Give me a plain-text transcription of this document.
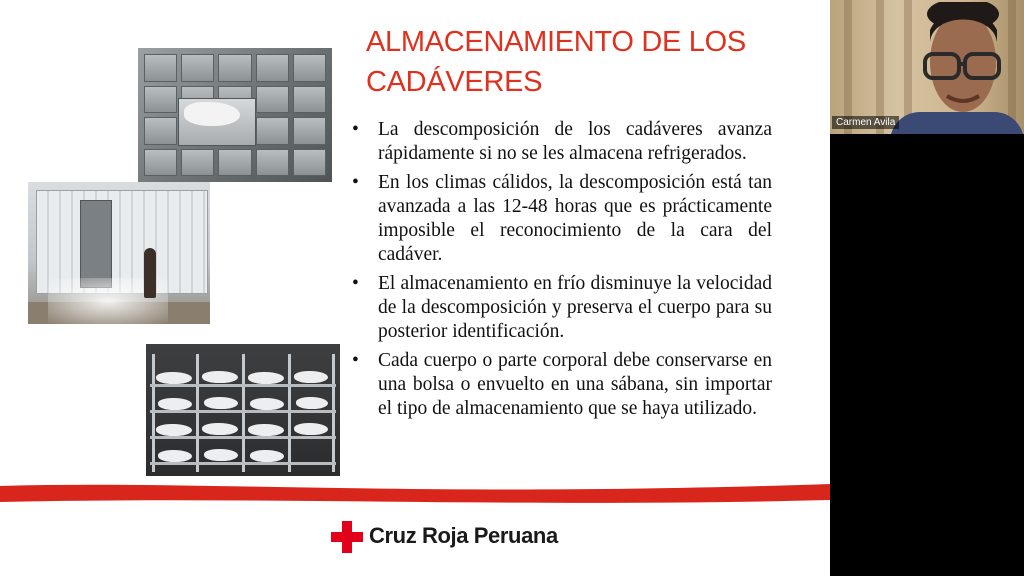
ALMACENAMIENTO DE LOS CADÁVERES
• La descomposición de los cadáveres avanza rápidamente si no se les almacena refrigerados.
• En los climas cálidos, la descomposición está tan avanzada a las 12-48 horas que es prácticamente imposible el reconocimiento de la cara del cadáver.
• El almacenamiento en frío disminuye la velocidad de la descomposición y preserva el cuerpo para su posterior identificación.
• Cada cuerpo o parte corporal debe conservarse en una bolsa o envuelto en una sábana, sin importar el tipo de almacenamiento que se haya utilizado.
Cruz Roja Peruana
Carmen Avila
